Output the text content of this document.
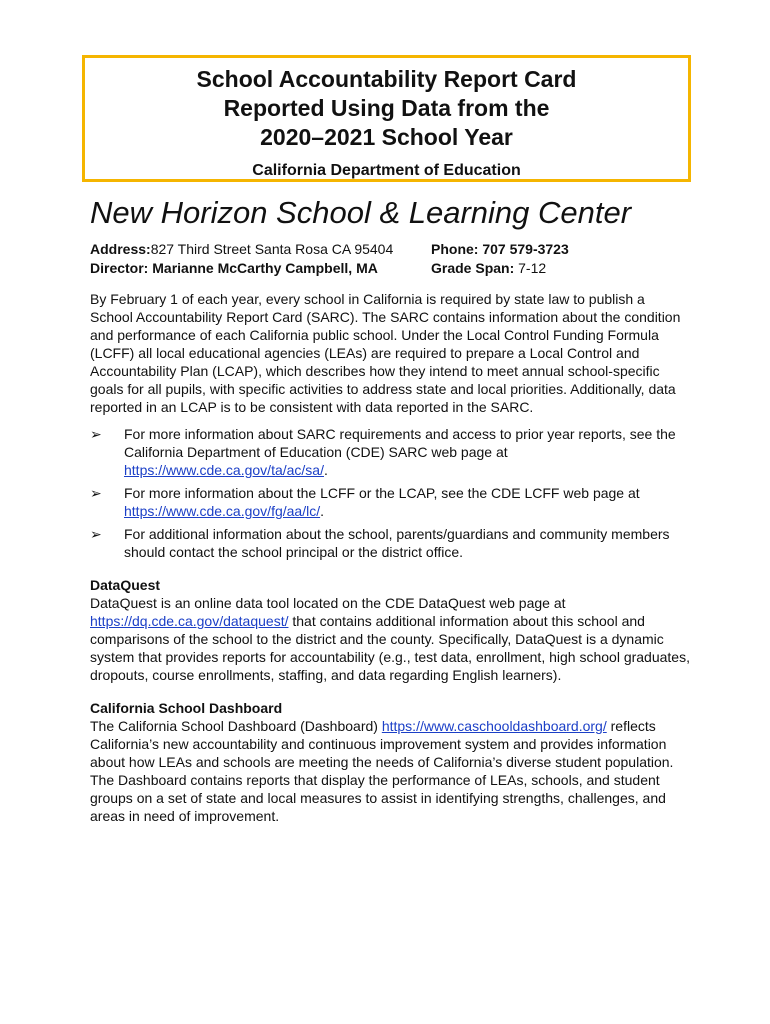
School Accountability Report Card
Reported Using Data from the
2020–2021 School Year
California Department of Education
New Horizon School & Learning Center
Address:827 Third Street Santa Rosa CA 95404	Phone: 707 579-3723
Director: Marianne McCarthy Campbell, MA	Grade Span: 7-12

By February 1 of each year, every school in California is required by state law to publish a School Accountability Report Card (SARC). The SARC contains information about the condition and performance of each California public school. Under the Local Control Funding Formula (LCFF) all local educational agencies (LEAs) are required to prepare a Local Control and Accountability Plan (LCAP), which describes how they intend to meet annual school-specific goals for all pupils, with specific activities to address state and local priorities. Additionally, data reported in an LCAP is to be consistent with data reported in the SARC.

➢ For more information about SARC requirements and access to prior year reports, see the California Department of Education (CDE) SARC web page at https://www.cde.ca.gov/ta/ac/sa/.
➢ For more information about the LCFF or the LCAP, see the CDE LCFF web page at https://www.cde.ca.gov/fg/aa/lc/.
➢ For additional information about the school, parents/guardians and community members should contact the school principal or the district office.
DataQuest

DataQuest is an online data tool located on the CDE DataQuest web page at https://dq.cde.ca.gov/dataquest/ that contains additional information about this school and comparisons of the school to the district and the county. Specifically, DataQuest is a dynamic system that provides reports for accountability (e.g., test data, enrollment, high school graduates, dropouts, course enrollments, staffing, and data regarding English learners).

California School Dashboard

The California School Dashboard (Dashboard) https://www.caschooldashboard.org/ reflects California’s new accountability and continuous improvement system and provides information about how LEAs and schools are meeting the needs of California’s diverse student population. The Dashboard contains reports that display the performance of LEAs, schools, and student groups on a set of state and local measures to assist in identifying strengths, challenges, and areas in need of improvement.
